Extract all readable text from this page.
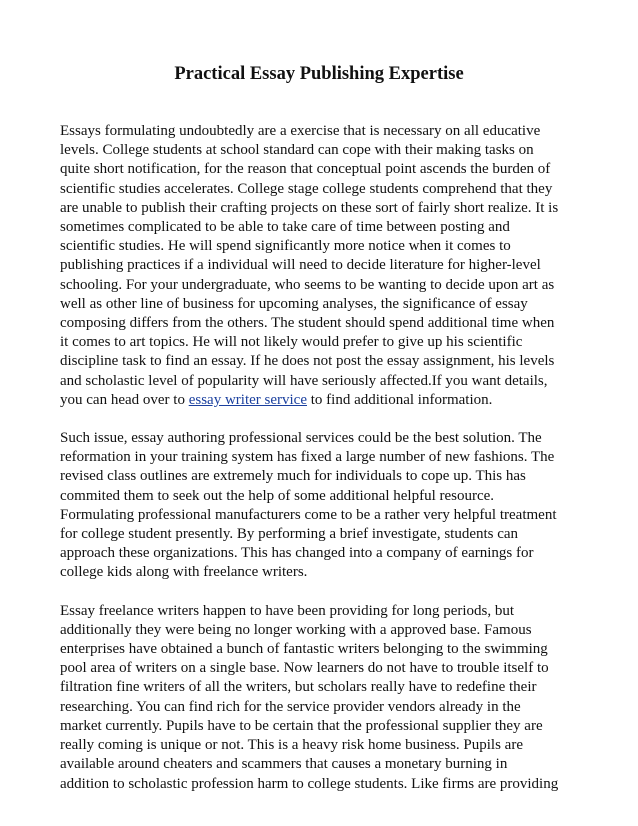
Practical Essay Publishing Expertise

Essays formulating undoubtedly are a exercise that is necessary on all educative
levels. College students at school standard can cope with their making tasks on
quite short notification, for the reason that conceptual point ascends the burden of
scientific studies accelerates. College stage college students comprehend that they
are unable to publish their crafting projects on these sort of fairly short realize. It is
sometimes complicated to be able to take care of time between posting and
scientific studies. He will spend significantly more notice when it comes to
publishing practices if a individual will need to decide literature for higher-level
schooling. For your undergraduate, who seems to be wanting to decide upon art as
well as other line of business for upcoming analyses, the significance of essay
composing differs from the others. The student should spend additional time when
it comes to art topics. He will not likely would prefer to give up his scientific
discipline task to find an essay. If he does not post the essay assignment, his levels
and scholastic level of popularity will have seriously affected.If you want details,
you can head over to essay writer service to find additional information.

Such issue, essay authoring professional services could be the best solution. The
reformation in your training system has fixed a large number of new fashions. The
revised class outlines are extremely much for individuals to cope up. This has
commited them to seek out the help of some additional helpful resource.
Formulating professional manufacturers come to be a rather very helpful treatment
for college student presently. By performing a brief investigate, students can
approach these organizations. This has changed into a company of earnings for
college kids along with freelance writers.

Essay freelance writers happen to have been providing for long periods, but
additionally they were being no longer working with a approved base. Famous
enterprises have obtained a bunch of fantastic writers belonging to the swimming
pool area of writers on a single base. Now learners do not have to trouble itself to
filtration fine writers of all the writers, but scholars really have to redefine their
researching. You can find rich for the service provider vendors already in the
market currently. Pupils have to be certain that the professional supplier they are
really coming is unique or not. This is a heavy risk home business. Pupils are
available around cheaters and scammers that causes a monetary burning in
addition to scholastic profession harm to college students. Like firms are providing
